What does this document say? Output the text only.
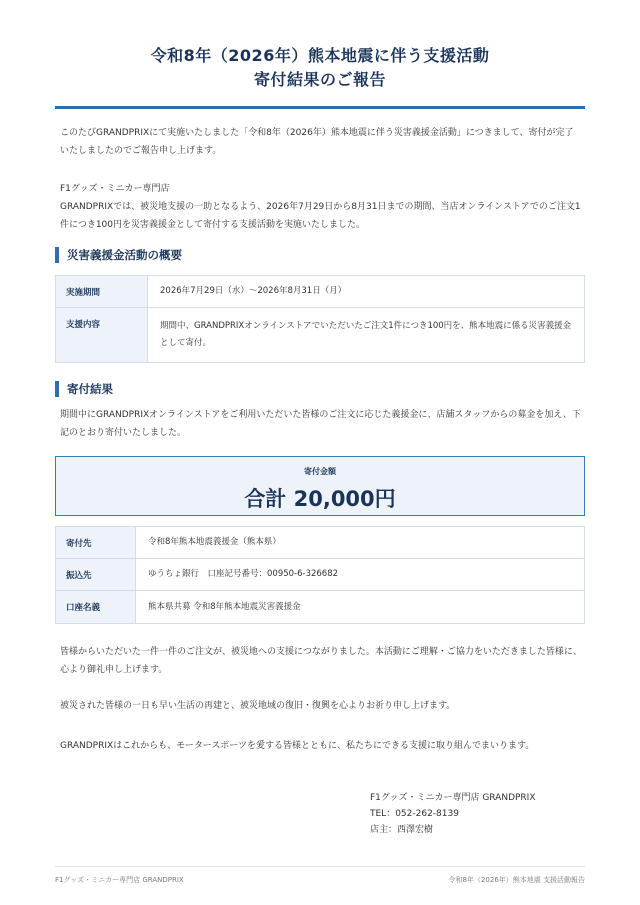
令和8年（2026年）熊本地震に伴う支援活動
寄付結果のご報告
このたびGRANDPRIXにて実施いたしました「令和8年（2026年）熊本地震に伴う災害義援金活動」につきまして、寄付が完了いたしましたのでご報告申し上げます。
F1グッズ・ミニカー専門店
GRANDPRIXでは、被災地支援の一助となるよう、2026年7月29日から8月31日までの期間、当店オンラインストアでのご注文1件につき100円を災害義援金として寄付する支援活動を実施いたしました。
災害義援金活動の概要
実施期間	2026年7月29日（水）〜2026年8月31日（月）
支援内容	期間中、GRANDPRIXオンラインストアでいただいたご注文1件につき100円を、熊本地震に係る災害義援金として寄付。
寄付結果
期間中にGRANDPRIXオンラインストアをご利用いただいた皆様のご注文に応じた義援金に、店舗スタッフからの募金を加え、下記のとおり寄付いたしました。
寄付金額
合計 20,000円
寄付先	令和8年熊本地震義援金（熊本県）
振込先	ゆうちょ銀行　口座記号番号：00950-6-326682
口座名義	熊本県共募 令和8年熊本地震災害義援金
皆様からいただいた一件一件のご注文が、被災地への支援につながりました。本活動にご理解・ご協力をいただきました皆様に、心より御礼申し上げます。
被災された皆様の一日も早い生活の再建と、被災地域の復旧・復興を心よりお祈り申し上げます。
GRANDPRIXはこれからも、モータースポーツを愛する皆様とともに、私たちにできる支援に取り組んでまいります。
F1グッズ・ミニカー専門店 GRANDPRIX
TEL：052-262-8139
店主：西澤宏樹
F1グッズ・ミニカー専門店 GRANDPRIX	令和8年（2026年）熊本地震 支援活動報告
